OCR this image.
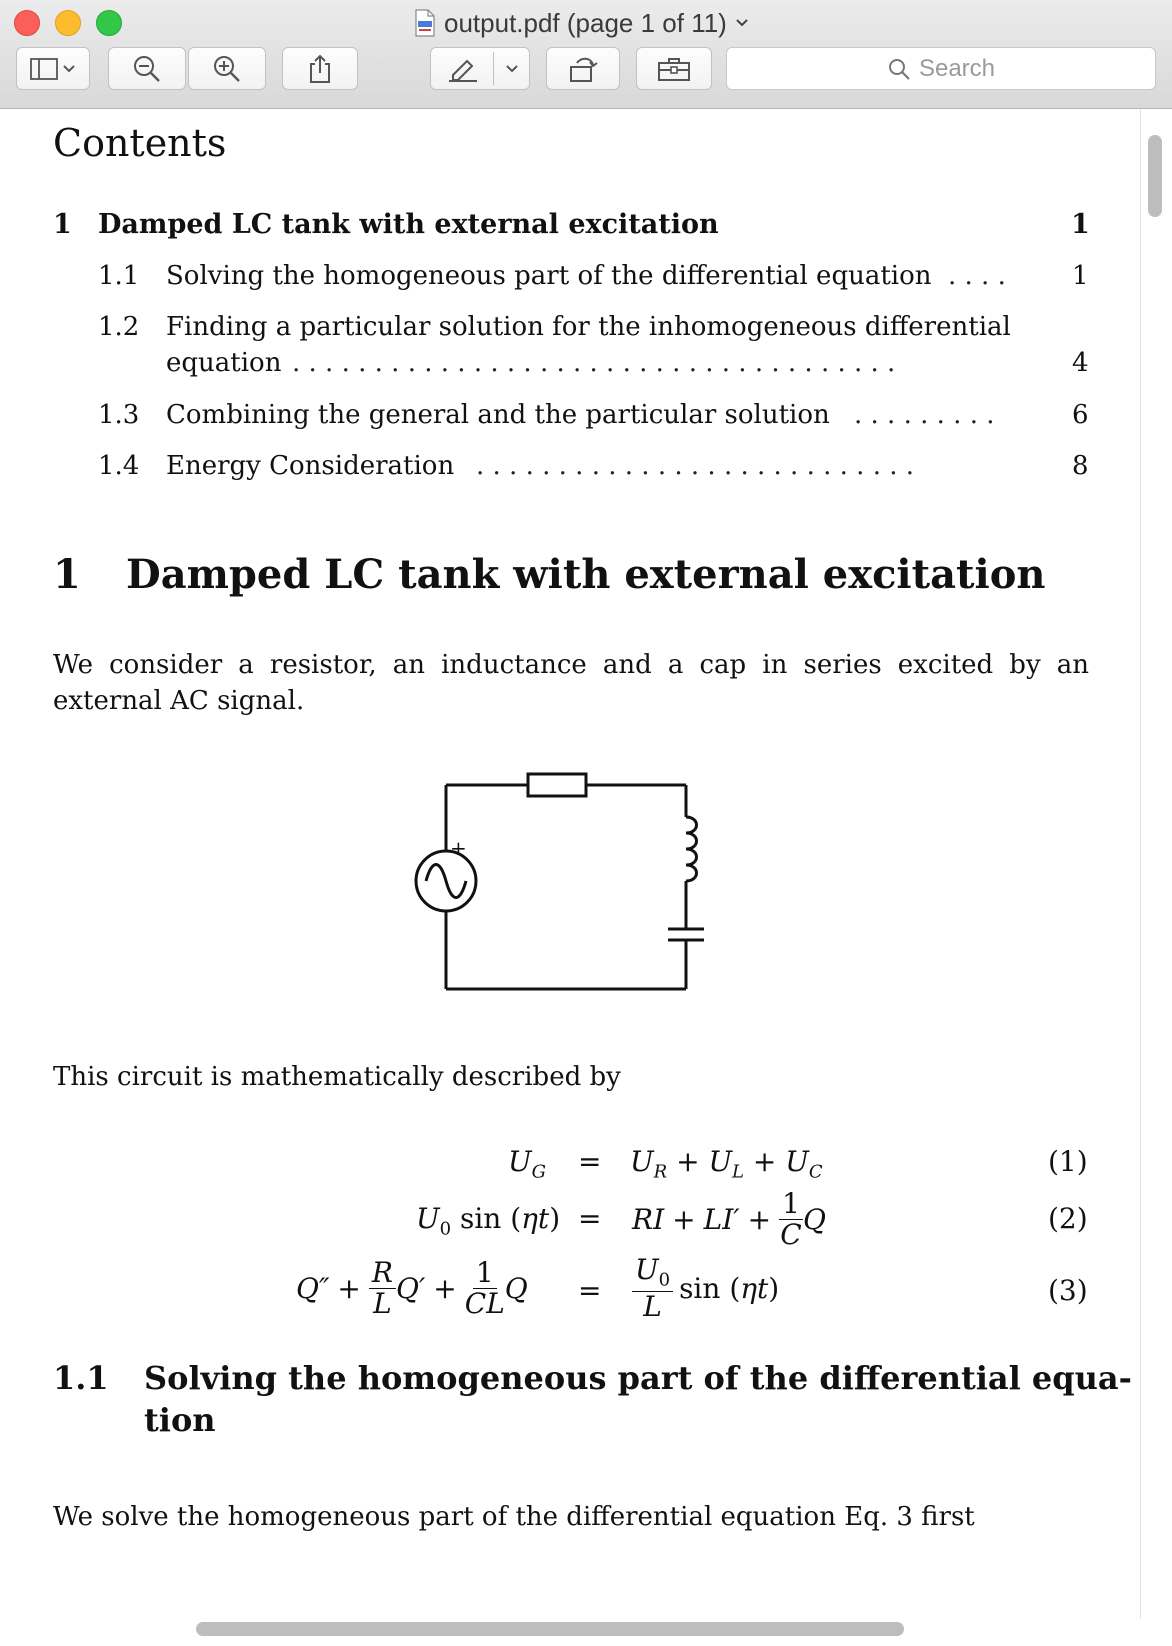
output.pdf (page 1 of 11)
Search
Contents
1 Damped LC tank with external excitation	1
1.1 Solving the homogeneous part of the differential equation . . . .	1
1.2 Finding a particular solution for the inhomogeneous differential
equation . . . . . . . . . . . . . . . . . . . . . . . . . . . . . . . . . . . . .	4
1.3 Combining the general and the particular solution . . . . . . . . .	6
1.4 Energy Consideration . . . . . . . . . . . . . . . . . . . . . . . . . . .	8
1 Damped LC tank with external excitation
We consider a resistor, an inductance and a cap in series excited by an external AC signal.
+
This circuit is mathematically described by
$U_G = U_R + U_L + U_C$	(1)
$U_0$ sin (ηt) = RI + $LI' + \frac{1}{C}$ Q	(2)
$Q'' + \frac{R}{L} Q' + \frac{1}{CL}$ $Q = \frac{U_0}{L}$ sin ( ηt )	(3)
1.1 Solving the homogeneous part of the differential equa-
tion
We solve the homogeneous part of the differential equation Eq. 3 first
